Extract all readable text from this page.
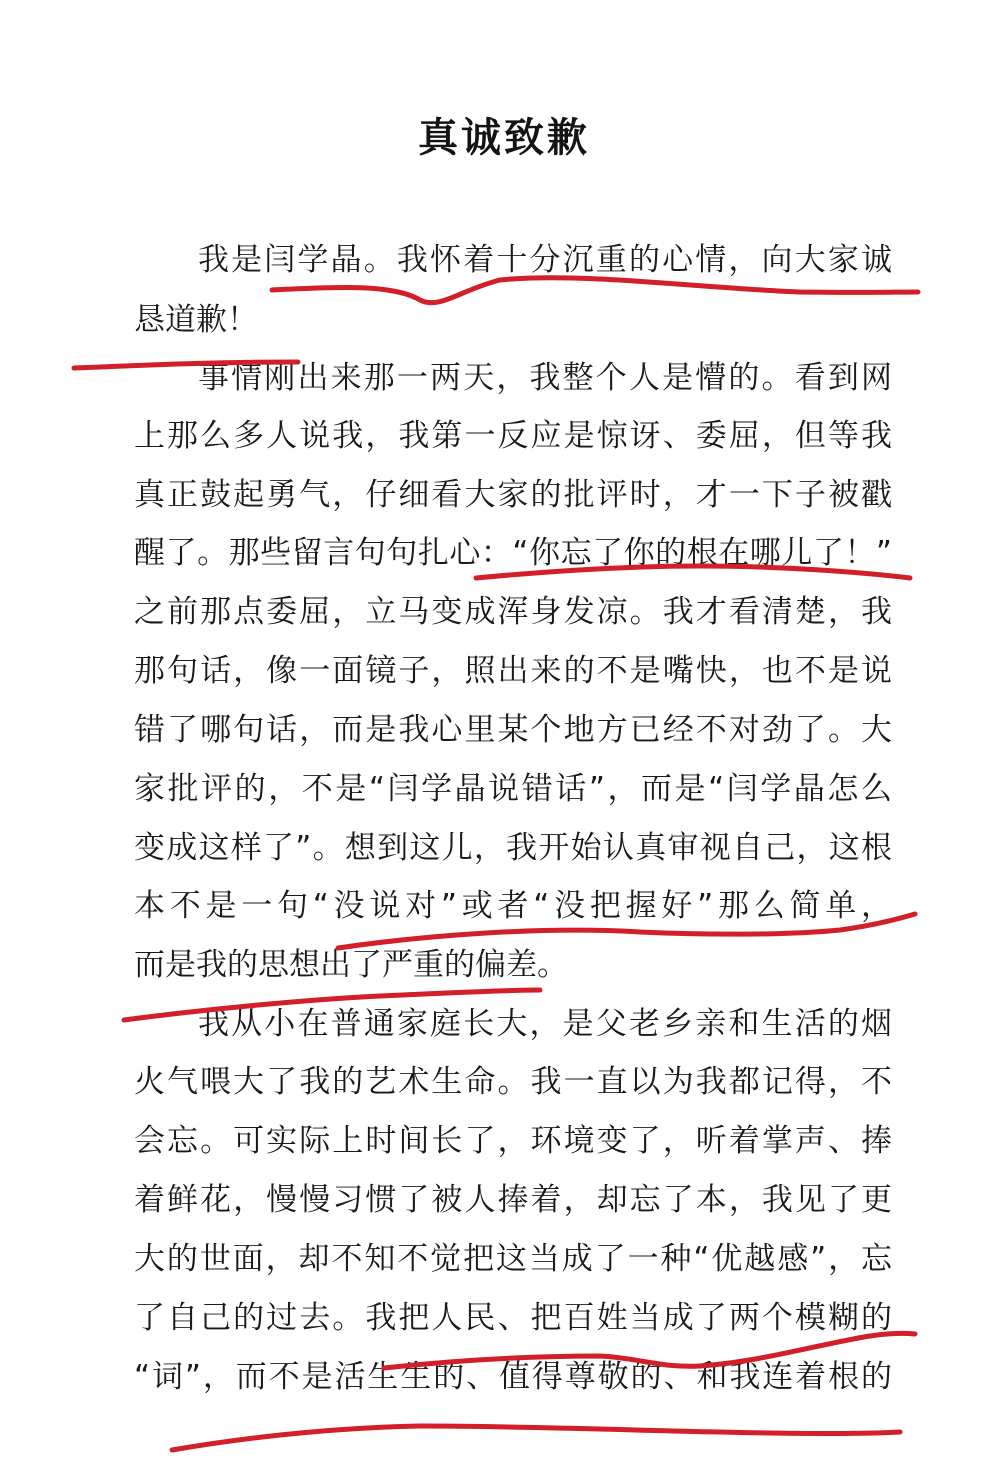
真诚致歉
我是闫学晶。我怀着十分沉重的心情，向大家诚
恳道歉！
事情刚出来那一两天，我整个人是懵的。看到网
上那么多人说我，我第一反应是惊讶、委屈，但等我
真正鼓起勇气，仔细看大家的批评时，才一下子被戳
醒了。那些留言句句扎心：“你忘了你的根在哪儿了！”
之前那点委屈，立马变成浑身发凉。我才看清楚，我
那句话，像一面镜子，照出来的不是嘴快，也不是说
错了哪句话，而是我心里某个地方已经不对劲了。大
家批评的，不是“闫学晶说错话”，而是“闫学晶怎么
变成这样了”。想到这儿，我开始认真审视自己，这根
本不是一句“没说对”或者“没把握好”那么简单，
而是我的思想出了严重的偏差。
我从小在普通家庭长大，是父老乡亲和生活的烟
火气喂大了我的艺术生命。我一直以为我都记得，不
会忘。可实际上时间长了，环境变了，听着掌声、捧
着鲜花，慢慢习惯了被人捧着，却忘了本，我见了更
大的世面，却不知不觉把这当成了一种“优越感”，忘
了自己的过去。我把人民、把百姓当成了两个模糊的
“词”，而不是活生生的、值得尊敬的、和我连着根的
